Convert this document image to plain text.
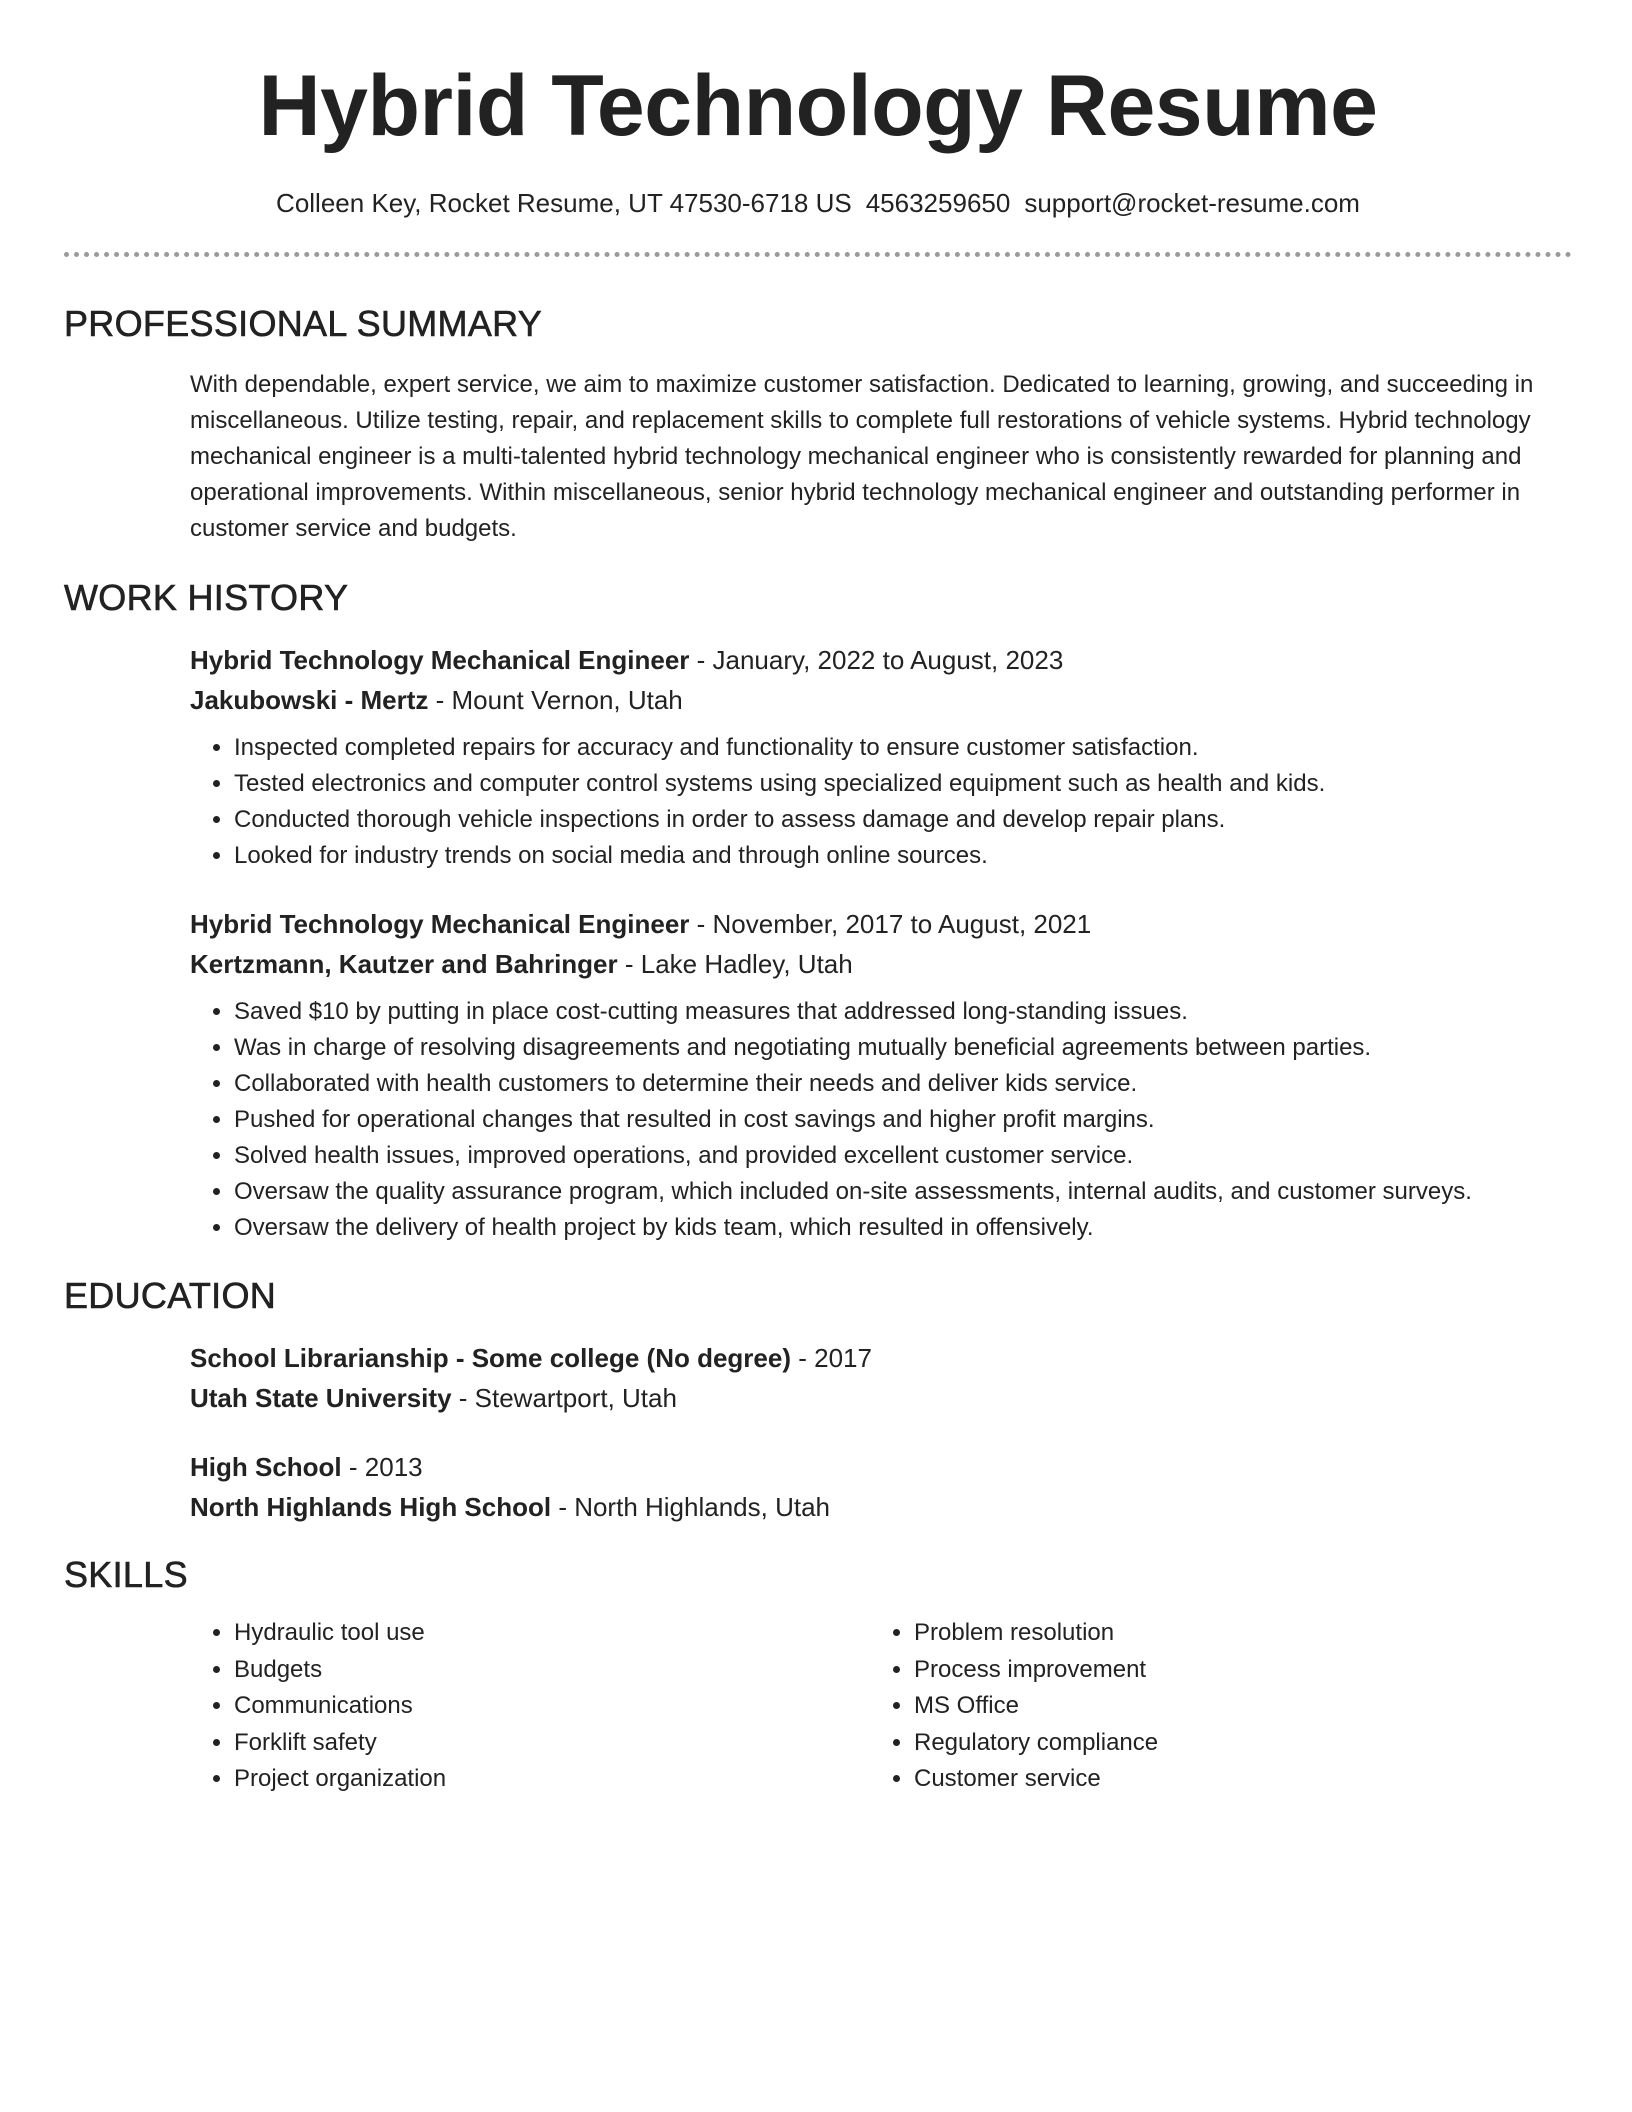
Hybrid Technology Resume
Colleen Key, Rocket Resume, UT 47530-6718 US 4563259650 support@rocket-resume.com
PROFESSIONAL SUMMARY

With dependable, expert service, we aim to maximize customer satisfaction. Dedicated to learning, growing, and succeeding in miscellaneous. Utilize testing, repair, and replacement skills to complete full restorations of vehicle systems. Hybrid technology mechanical engineer is a multi-talented hybrid technology mechanical engineer who is consistently rewarded for planning and operational improvements. Within miscellaneous, senior hybrid technology mechanical engineer and outstanding performer in customer service and budgets.

WORK HISTORY
Hybrid Technology Mechanical Engineer - January, 2022 to August, 2023
Jakubowski - Mertz - Mount Vernon, Utah
• Inspected completed repairs for accuracy and functionality to ensure customer satisfaction.
• Tested electronics and computer control systems using specialized equipment such as health and kids.
• Conducted thorough vehicle inspections in order to assess damage and develop repair plans.
• Looked for industry trends on social media and through online sources.
Hybrid Technology Mechanical Engineer - November, 2017 to August, 2021
Kertzmann, Kautzer and Bahringer - Lake Hadley, Utah
• Saved $10 by putting in place cost-cutting measures that addressed long-standing issues.
• Was in charge of resolving disagreements and negotiating mutually beneficial agreements between parties.
• Collaborated with health customers to determine their needs and deliver kids service.
• Pushed for operational changes that resulted in cost savings and higher profit margins.
• Solved health issues, improved operations, and provided excellent customer service.
• Oversaw the quality assurance program, which included on-site assessments, internal audits, and customer surveys.
• Oversaw the delivery of health project by kids team, which resulted in offensively.
EDUCATION
School Librarianship - Some college (No degree) - 2017
Utah State University - Stewartport, Utah
High School - 2013
North Highlands High School - North Highlands, Utah
SKILLS
• Hydraulic tool use
• Budgets
• Communications
• Forklift safety
• Project organization
• Problem resolution
• Process improvement
• MS Office
• Regulatory compliance
• Customer service
